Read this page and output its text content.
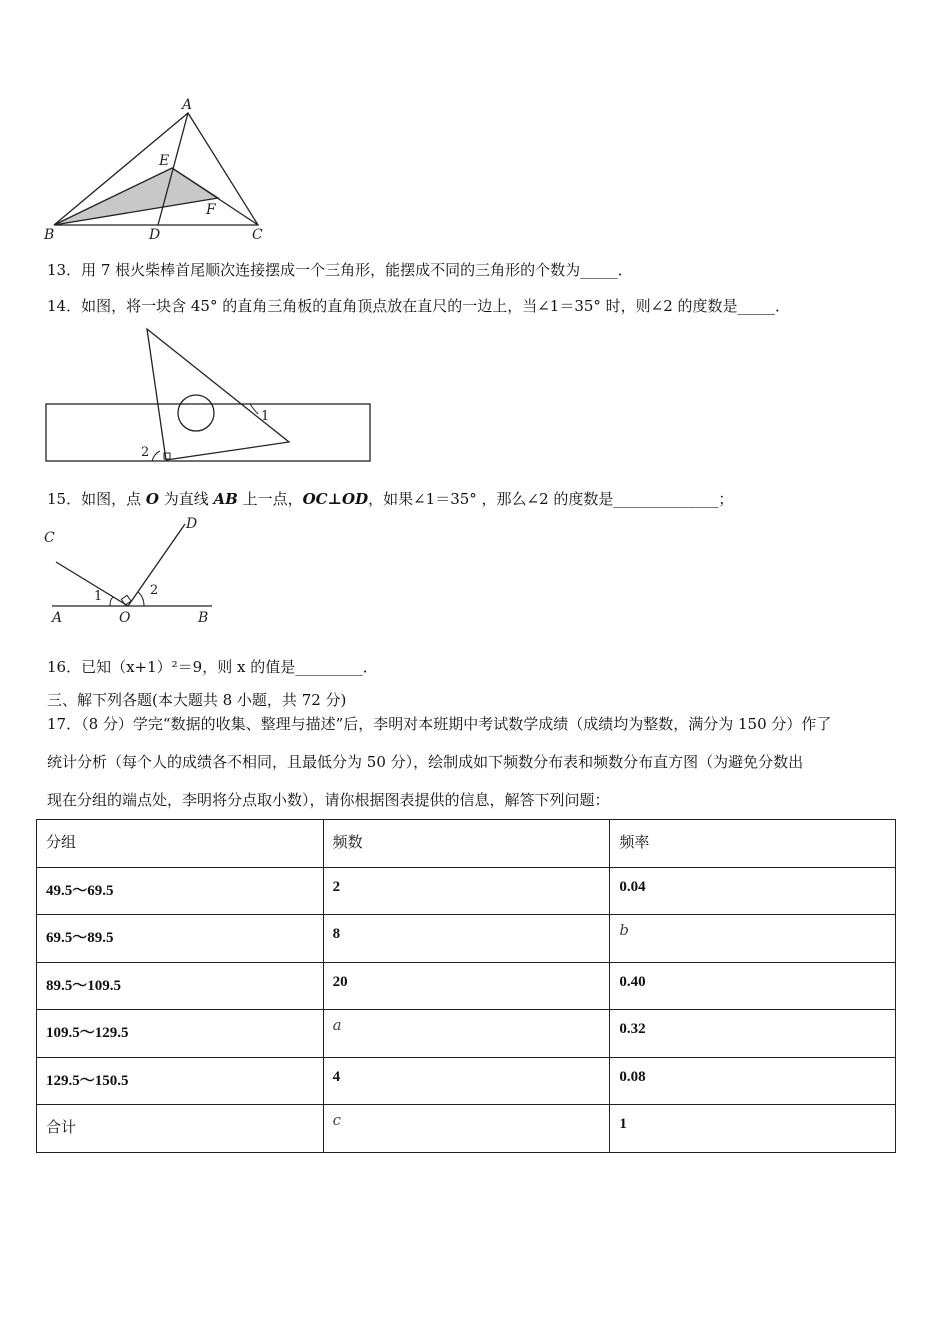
A
E
F
B	D	C
13．用 7 根火柴棒首尾顺次连接摆成一个三角形，能摆成不同的三角形的个数为_____．
14．如图，将一块含 45° 的直角三角板的直角顶点放在直尺的一边上，当∠1＝35° 时，则∠2 的度数是_____．
1
2
15．如图，点 O 为直线 AB 上一点，OC⊥OD，如果∠1＝35° ，那么∠2 的度数是______________；
C
D
A	O	B
1	2
16．已知（x+1）²＝9，则 x 的值是_________．
三、解下列各题(本大题共 8 小题，共 72 分)
17．（8 分）学完“数据的收集、整理与描述”后，李明对本班期中考试数学成绩（成绩均为整数，满分为 150 分）作了
统计分析（每个人的成绩各不相同，且最低分为 50 分），绘制成如下频数分布表和频数分布直方图（为避免分数出
现在分组的端点处，李明将分点取小数），请你根据图表提供的信息，解答下列问题：
分组	频数	频率
49.5～69.5	2	0.04
69.5～89.5	8	b
89.5～109.5	20	0.40
109.5～129.5	a	0.32
129.5～150.5	4	0.08
合计	c	1
